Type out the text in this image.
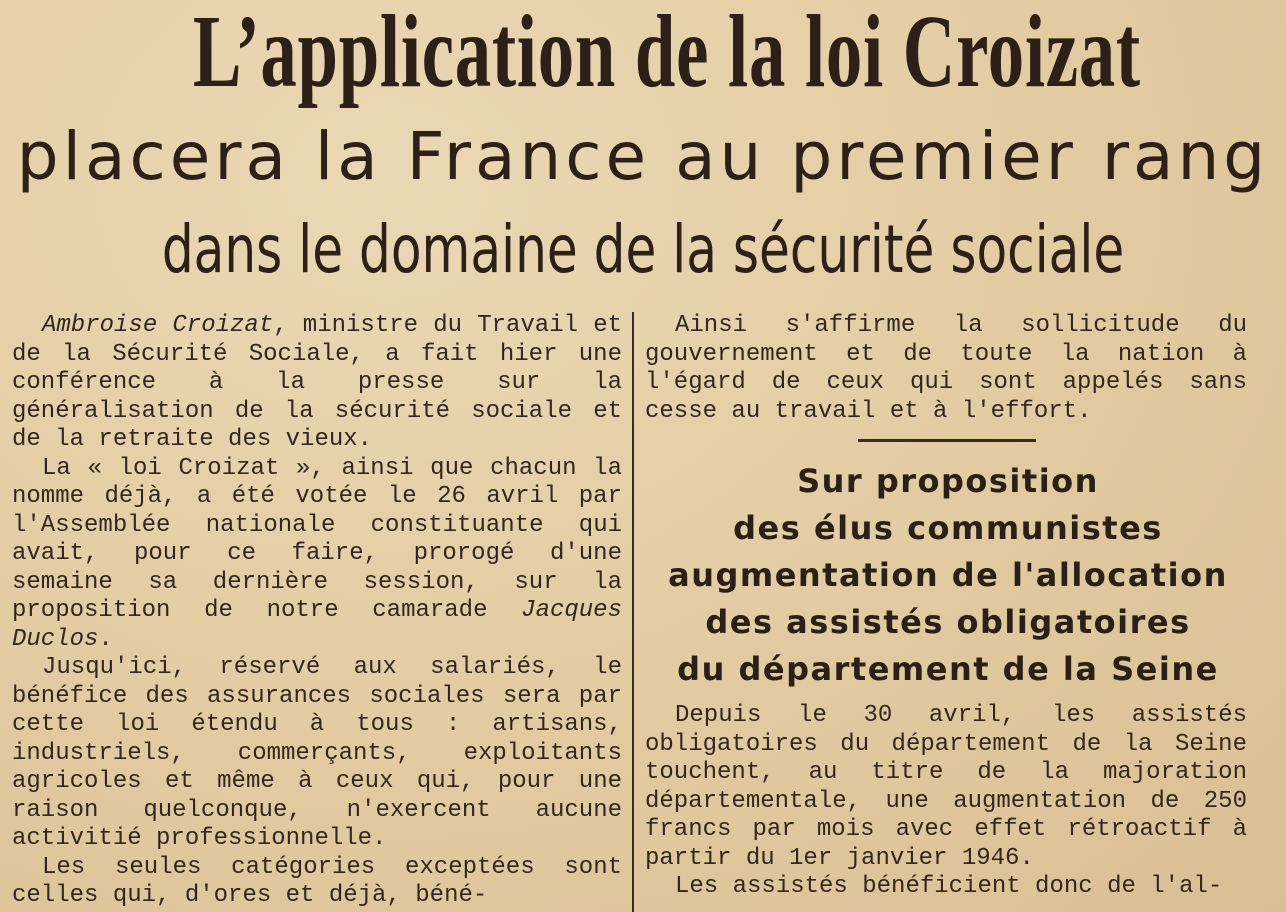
L’application de la loi Croizat
placera la France au premier rang
dans le domaine de la sécurité sociale

Ambroise Croizat, ministre du Travail et de la Sécurité Sociale, a fait hier une conférence à la presse sur la généralisation de la sécurité sociale et de la retraite des vieux.

La « loi Croizat », ainsi que chacun la nomme déjà, a été votée le 26 avril par l'Assemblée nationale constituante qui avait, pour ce faire, prorogé d'une semaine sa dernière session, sur la proposition de notre camarade Jacques Duclos.

Jusqu'ici, réservé aux salariés, le bénéfice des assurances sociales sera par cette loi étendu à tous : artisans, industriels, commerçants, exploitants agricoles et même à ceux qui, pour une raison quelconque, n'exercent aucune activitié professionnelle.

Les seules catégories exceptées sont celles qui, d'ores et déjà, béné-

Ainsi s'affirme la sollicitude du gouvernement et de toute la nation à l'égard de ceux qui sont appelés sans cesse au travail et à l'effort.

Sur proposition
des élus communistes
augmentation de l'allocation
des assistés obligatoires
du département de la Seine

Depuis le 30 avril, les assistés obligatoires du département de la Seine touchent, au titre de la majoration départementale, une augmentation de 250 francs par mois avec effet rétroactif à partir du 1er janvier 1946.

Les assistés bénéficient donc de l'al-
